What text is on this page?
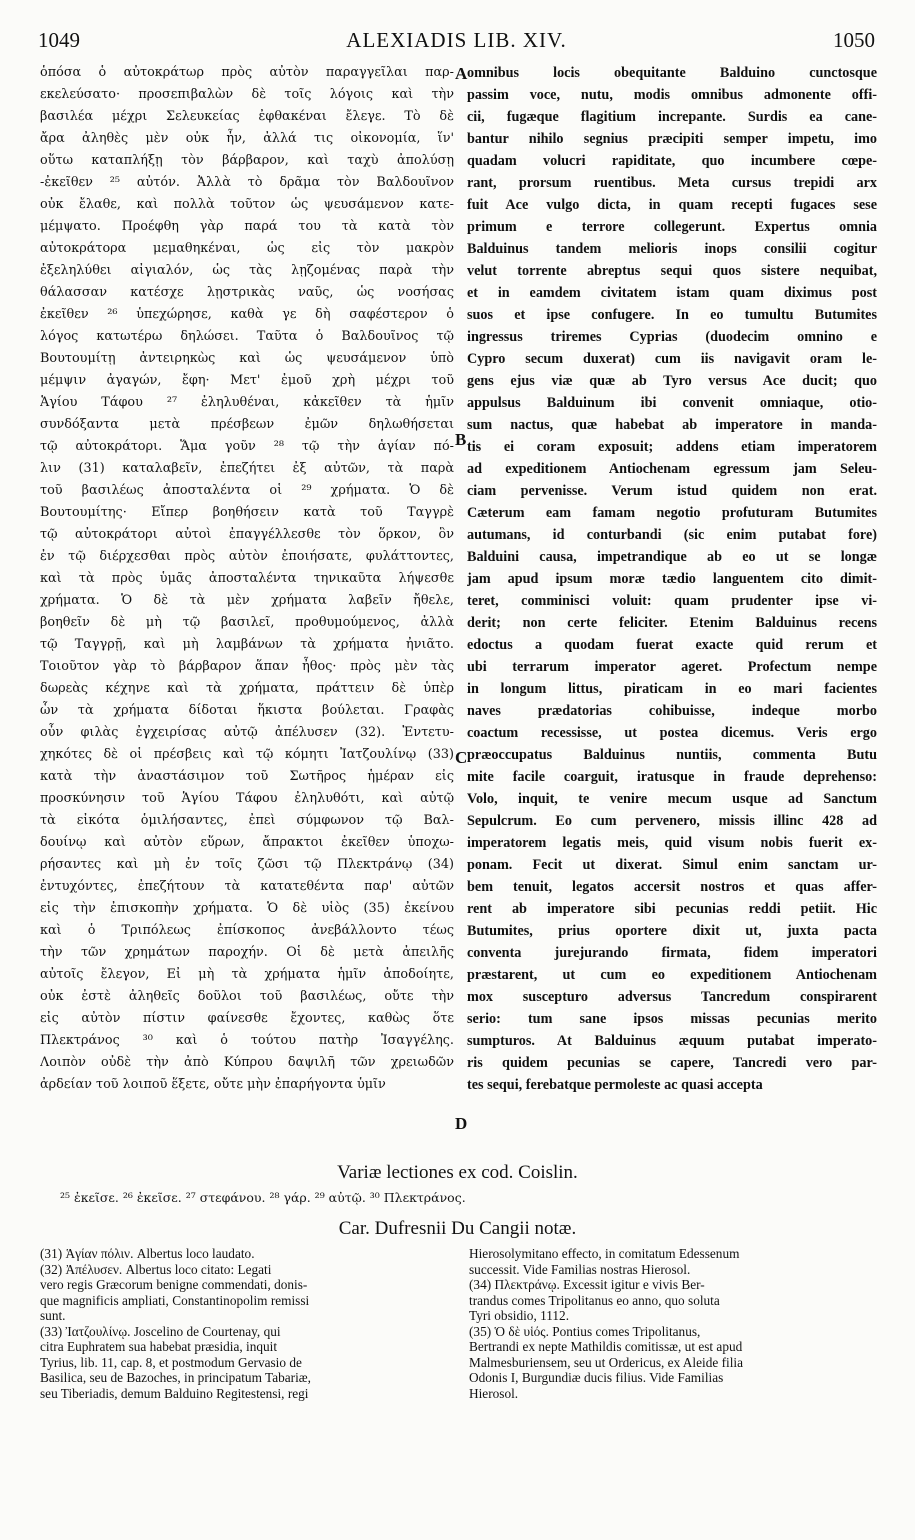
1049	ALEXIADIS LIB. XIV.	1050
ὁπόσα ὁ αὐτοκράτωρ πρὸς αὐτὸν παραγγεῖλαι παρ-
εκελεύσατο· προσεπιβαλὼν δὲ τοῖς λόγοις καὶ τὴν
βασιλέα μέχρι Σελευκείας ἐφθακέναι ἔλεγε. Τὸ δὲ
ἄρα ἀληθὲς μὲν οὐκ ἦν, ἀλλά τις οἰκονομία, ἵν'
οὕτω καταπλήξῃ τὸν βάρβαρον, καὶ ταχὺ ἀπολύσῃ
-ἐκεῖθεν ²⁵ αὐτόν. Ἀλλὰ τὸ δρᾶμα τὸν Βαλδουῖνον
οὐκ ἔλαθε, καὶ πολλὰ τοῦτον ὡς ψευσάμενον κατε-
μέμψατο. Προέφθη γὰρ παρά του τὰ κατὰ τὸν
αὐτοκράτορα μεμαθηκέναι, ὡς εἰς τὸν μακρὸν
ἐξεληλύθει αἰγιαλόν, ὡς τὰς λῃζομένας παρὰ τὴν
θάλασσαν κατέσχε λῃστρικὰς ναῦς, ὡς νοσήσας
ἐκεῖθεν ²⁶ ὑπεχώρησε, καθὰ γε δὴ σαφέστερον ὁ
λόγος κατωτέρω δηλώσει. Ταῦτα ὁ Βαλδουῖνος τῷ
Βουτουμίτῃ ἀντειρηκὼς καὶ ὡς ψευσάμενον ὑπὸ
μέμψιν ἀγαγών, ἔφη· Μετ' ἐμοῦ χρὴ μέχρι τοῦ
Ἁγίου Τάφου ²⁷ ἐληλυθέναι, κἀκεῖθεν τὰ ἡμῖν
συνδόξαντα μετὰ πρέσβεων ἐμῶν δηλωθήσεται
τῷ αὐτοκράτορι. Ἅμα γοῦν ²⁸ τῷ τὴν ἁγίαν πό-
λιν (31) καταλαβεῖν, ἐπεζήτει ἐξ αὐτῶν, τὰ παρὰ
τοῦ βασιλέως ἀποσταλέντα οἱ ²⁹ χρήματα. Ὁ δὲ
Βουτουμίτης· Εἴπερ βοηθήσειν κατὰ τοῦ Ταγγρὲ
τῷ αὐτοκράτορι αὐτοὶ ἐπαγγέλλεσθε τὸν ὅρκον, ὃν
ἐν τῷ διέρχεσθαι πρὸς αὐτὸν ἐποιήσατε, φυλάττοντες,
καὶ τὰ πρὸς ὑμᾶς ἀποσταλέντα τηνικαῦτα λήψεσθε
χρήματα. Ὁ δὲ τὰ μὲν χρήματα λαβεῖν ἤθελε,
βοηθεῖν δὲ μὴ τῷ βασιλεῖ, προθυμούμενος, ἀλλὰ
τῷ Ταγγρῇ, καὶ μὴ λαμβάνων τὰ χρήματα ἠνιᾶτο.
Τοιοῦτον γὰρ τὸ βάρβαρον ἅπαν ἦθος· πρὸς μὲν τὰς
δωρεὰς κέχηνε καὶ τὰ χρήματα, πράττειν δὲ ὑπὲρ
ὧν τὰ χρήματα δίδοται ἥκιστα βούλεται. Γραφὰς
οὖν φιλὰς ἐγχειρίσας αὐτῷ ἀπέλυσεν (32). Ἐντετυ-
χηκότες δὲ οἱ πρέσβεις καὶ τῷ κόμητι Ἰατζουλίνῳ (33)
κατὰ τὴν ἀναστάσιμον τοῦ Σωτῆρος ἡμέραν εἰς
προσκύνησιν τοῦ Ἁγίου Τάφου ἐληλυθότι, καὶ αὐτῷ
τὰ εἰκότα ὁμιλήσαντες, ἐπεὶ σύμφωνον τῷ Βαλ-
δουίνῳ καὶ αὐτὸν εὕρων, ἄπρακτοι ἐκεῖθεν ὑποχω-
ρήσαντες καὶ μὴ ἐν τοῖς ζῶσι τῷ Πλεκτράνῳ (34)
ἐντυχόντες, ἐπεζήτουν τὰ κατατεθέντα παρ' αὐτῶν
εἰς τὴν ἐπισκοπὴν χρήματα. Ὁ δὲ υἱὸς (35) ἐκείνου
καὶ ὁ Τριπόλεως ἐπίσκοπος ἀνεβάλλοντο τέως
τὴν τῶν χρημάτων παροχήν. Οἱ δὲ μετὰ ἀπειλῆς
αὐτοῖς ἔλεγον, Εἰ μὴ τὰ χρήματα ἡμῖν ἀποδοίητε,
οὐκ ἐστὲ ἀληθεῖς δοῦλοι τοῦ βασιλέως, οὔτε τὴν
εἰς αὐτὸν πίστιν φαίνεσθε ἔχοντες, καθὼς ὅτε
Πλεκτράνος ³⁰ καὶ ὁ τούτου πατὴρ Ἰσαγγέλης.
Λοιπὸν οὐδὲ τὴν ἀπὸ Κύπρου δαψιλῆ τῶν χρειωδῶν
ἀρδείαν τοῦ λοιποῦ ἕξετε, οὔτε μὴν ἐπαρήγοντα ὑμῖν
omnibus locis obequitante Balduino cunctosque
passim voce, nutu, modis omnibus admonente offi-
cii, fugæque flagitium increpante. Surdis ea cane-
bantur nihilo segnius præcipiti semper impetu, imo
quadam volucri rapiditate, quo incumbere cœpe-
rant, prorsum ruentibus. Meta cursus trepidi arx
fuit Ace vulgo dicta, in quam recepti fugaces sese
primum e terrore collegerunt. Expertus omnia
Balduinus tandem melioris inops consilii cogitur
velut torrente abreptus sequi quos sistere nequibat,
et in eamdem civitatem istam quam diximus post
suos et ipse confugere. In eo tumultu Butumites
ingressus triremes Cyprias (duodecim omnino e
Cypro secum duxerat) cum iis navigavit oram le-
gens ejus viæ quæ ab Tyro versus Ace ducit; quo
appulsus Balduinum ibi convenit omniaque, otio-
sum nactus, quæ habebat ab imperatore in manda-
tis ei coram exposuit; addens etiam imperatorem
ad expeditionem Antiochenam egressum jam Seleu-
ciam pervenisse. Verum istud quidem non erat.
Cæterum eam famam negotio profuturam Butumites
autumans, id conturbandi (sic enim putabat fore)
Balduini causa, impetrandique ab eo ut se longæ
jam apud ipsum moræ tædio languentem cito dimit-
teret, comminisci voluit: quam prudenter ipse vi-
derit; non certe feliciter. Etenim Balduinus recens
edoctus a quodam fuerat exacte quid rerum et
ubi terrarum imperator ageret. Profectum nempe
in longum littus, piraticam in eo mari facientes
naves prædatorias cohibuisse, indeque morbo
coactum recessisse, ut postea dicemus. Veris ergo
præoccupatus Balduinus nuntiis, commenta Butu
mite facile coarguit, iratusque in fraude deprehenso:
Volo, inquit, te venire mecum usque ad Sanctum
Sepulcrum. Eo cum pervenero, missis illinc 428 ad
imperatorem legatis meis, quid visum nobis fuerit ex-
ponam. Fecit ut dixerat. Simul enim sanctam ur-
bem tenuit, legatos accersit nostros et quas affer-
rent ab imperatore sibi pecunias reddi petiit. Hic
Butumites, prius oportere dixit ut, juxta pacta
conventa jurejurando firmata, fidem imperatori
præstarent, ut cum eo expeditionem Antiochenam
mox suscepturo adversus Tancredum conspirarent
serio: tum sane ipsos missas pecunias merito
sumpturos. At Balduinus æquum putabat imperato-
ris quidem pecunias se capere, Tancredi vero par-
tes sequi, ferebatque permoleste ac quasi accepta
A
B
C
D
Variæ lectiones ex cod. Coislin.
²⁵ ἐκεῖσε. ²⁶ ἐκεῖσε. ²⁷ στεφάνου. ²⁸ γάρ. ²⁹ αὐτῷ. ³⁰ Πλεκτράνος.
Car. Dufresnii Du Cangii notæ.
(31) Ἁγίαν πόλιν. Albertus loco laudato.
(32) Ἀπέλυσεν. Albertus loco citato: Legati
vero regis Græcorum benigne commendati, donis-
que magnificis ampliati, Constantinopolim remissi
sunt.
(33) Ἰατζουλίνῳ. Joscelino de Courtenay, qui
citra Euphratem sua habebat præsidia, inquit
Tyrius, lib. 11, cap. 8, et postmodum Gervasio de
Basilica, seu de Bazoches, in principatum Tabariæ,
seu Tiberiadis, demum Balduino Regitestensi, regi
Hierosolymitano effecto, in comitatum Edessenum
successit. Vide Familias nostras Hierosol.
(34) Πλεκτράνῳ. Excessit igitur e vivis Ber-
trandus comes Tripolitanus eo anno, quo soluta
Tyri obsidio, 1112.
(35) Ὁ δὲ υἱός. Pontius comes Tripolitanus,
Bertrandi ex nepte Mathildis comitissæ, ut est apud
Malmesburiensem, seu ut Ordericus, ex Aleide filia
Odonis I, Burgundiæ ducis filius. Vide Familias
Hierosol.
